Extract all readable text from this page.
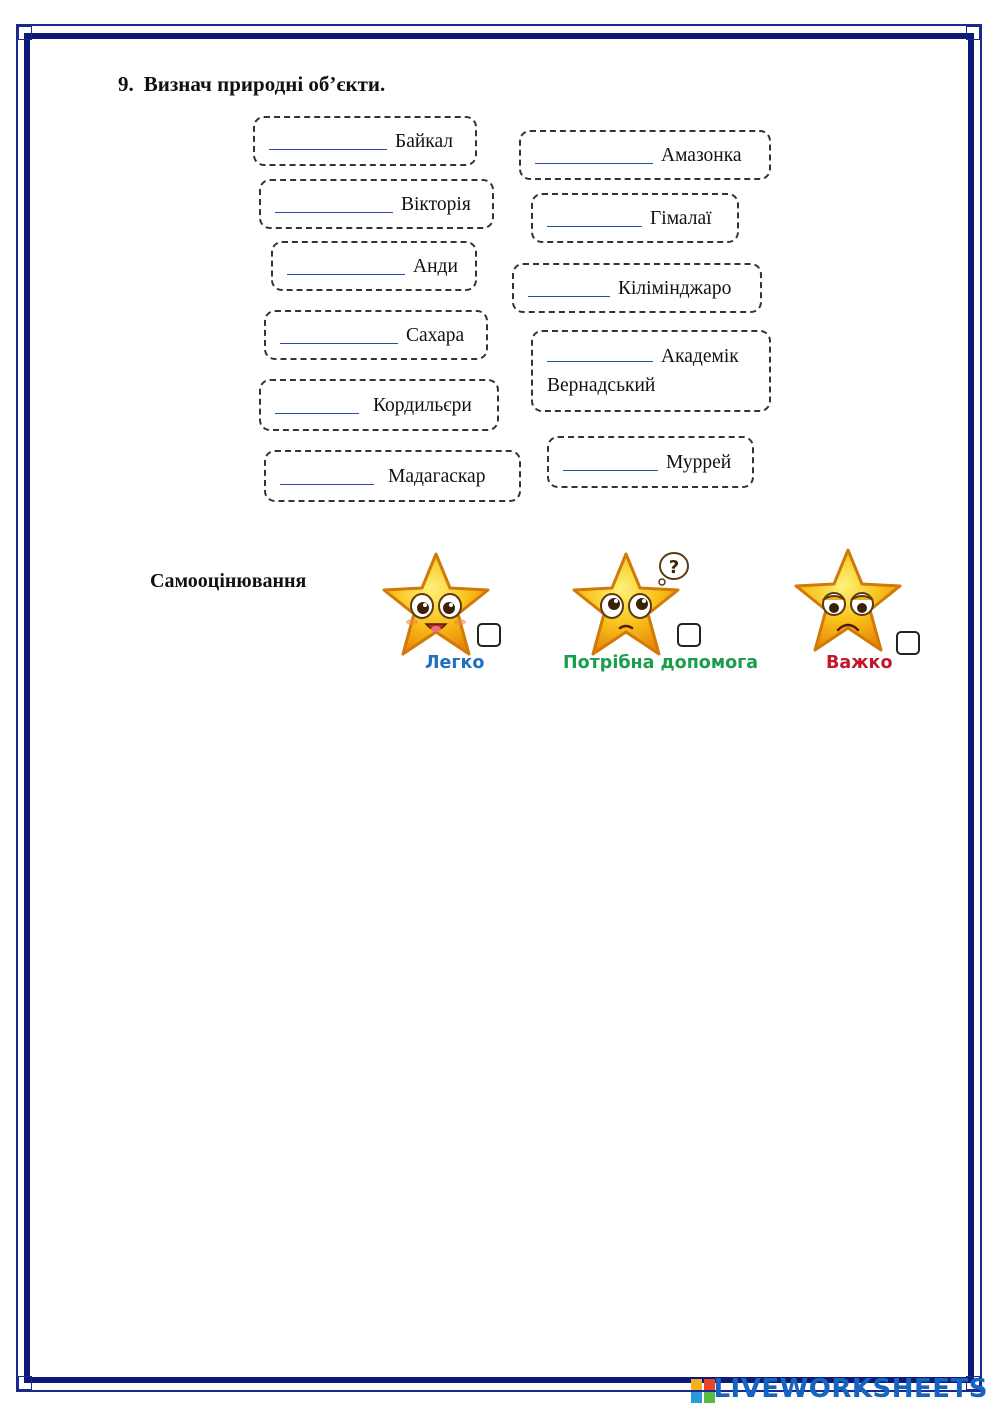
9. Визнач природні об’єкти.
Байкал
Амазонка
Вікторія
Гімалаї
Анди
Кілімінджаро
Сахара
Академік Вернадський
Кордильєри
Мадагаскар
Муррей
Самооцінювання
Легко
?
Потрібна допомога	Важко
LIVEWORKSHEETS
